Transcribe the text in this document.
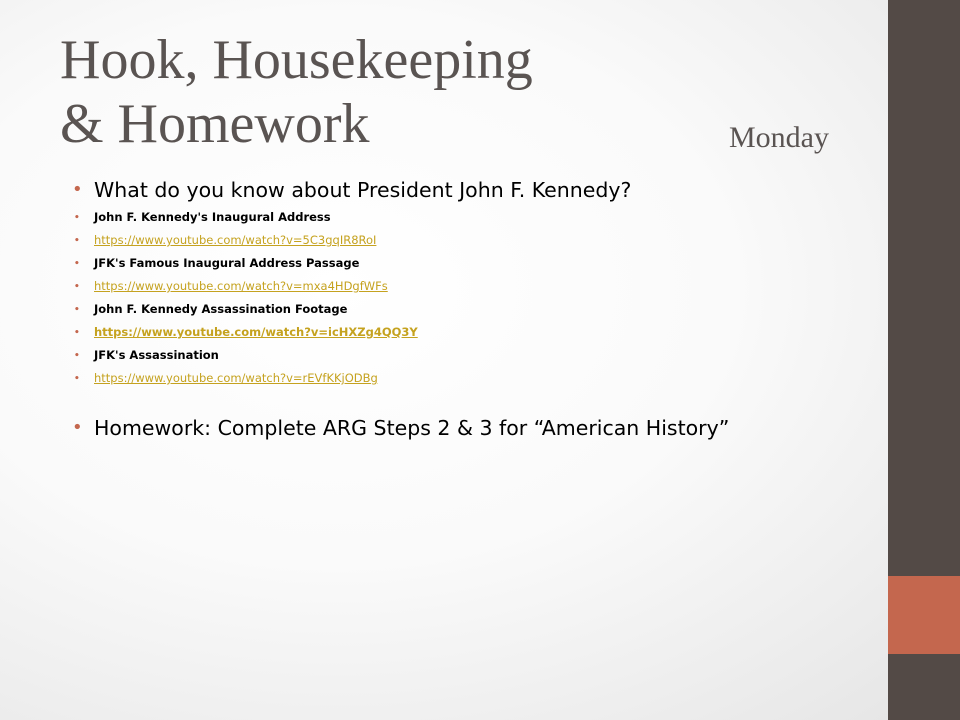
Hook, Housekeeping
& Homework	Monday
• What do you know about President John F. Kennedy?
• John F. Kennedy's Inaugural Address
• https://www.youtube.com/watch?v=5C3gqIR8RoI
• JFK's Famous Inaugural Address Passage
• https://www.youtube.com/watch?v=mxa4HDgfWFs
• John F. Kennedy Assassination Footage
• https://www.youtube.com/watch?v=icHXZg4QQ3Y
• JFK's Assassination
• https://www.youtube.com/watch?v=rEVfKKjODBg
• Homework: Complete ARG Steps 2 & 3 for “American History”
